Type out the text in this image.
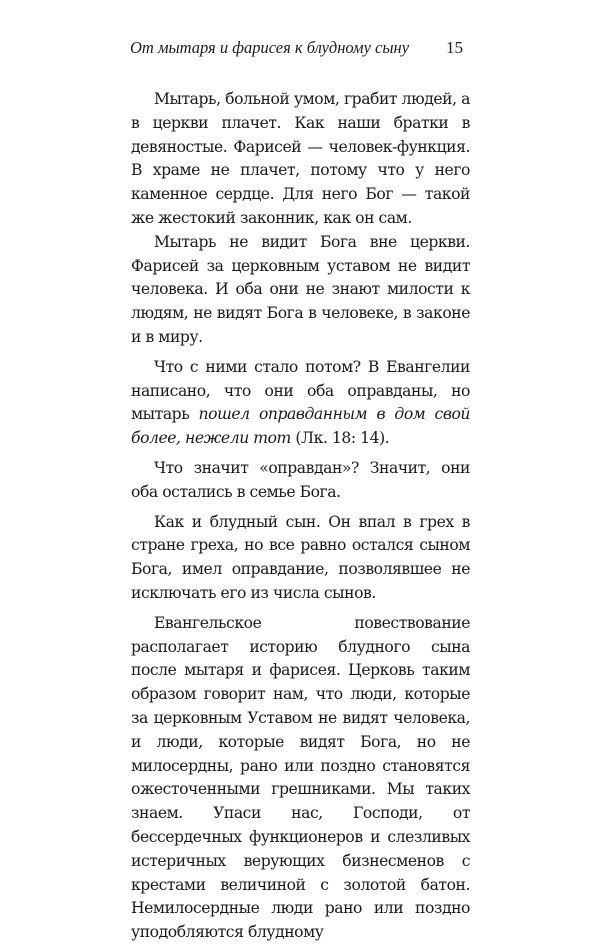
От мытаря и фарисея к блудному сыну	15

Мытарь, больной умом, грабит людей, а в церкви плачет. Как наши братки в девяностые. Фарисей — человек-функция. В храме не плачет, потому что у него каменное сердце. Для него Бог — такой же жестокий законник, как он сам.

Мытарь не видит Бога вне церкви. Фарисей за церковным уставом не видит человека. И оба они не знают милости к людям, не видят Бога в человеке, в законе и в миру.

Что с ними стало потом? В Евангелии написано, что они оба оправданы, но мытарь пошел оправданным в дом свой более, нежели тот (Лк. 18: 14).

Что значит «оправдан»? Значит, они оба остались в семье Бога.

Как и блудный сын. Он впал в грех в стране греха, но все равно остался сыном Бога, имел оправдание, позволявшее не исключать его из числа сынов.

Евангельское повествование располагает историю блудного сына после мытаря и фарисея. Церковь таким образом говорит нам, что люди, которые за церковным Уставом не видят человека, и люди, которые видят Бога, но не милосердны, рано или поздно становятся ожесточенными грешниками. Мы таких знаем. Упаси нас, Господи, от бессердечных функционеров и слезливых истеричных верующих бизнесменов с крестами величиной с золотой батон. Немилосердные люди рано или поздно уподобляются блудному
